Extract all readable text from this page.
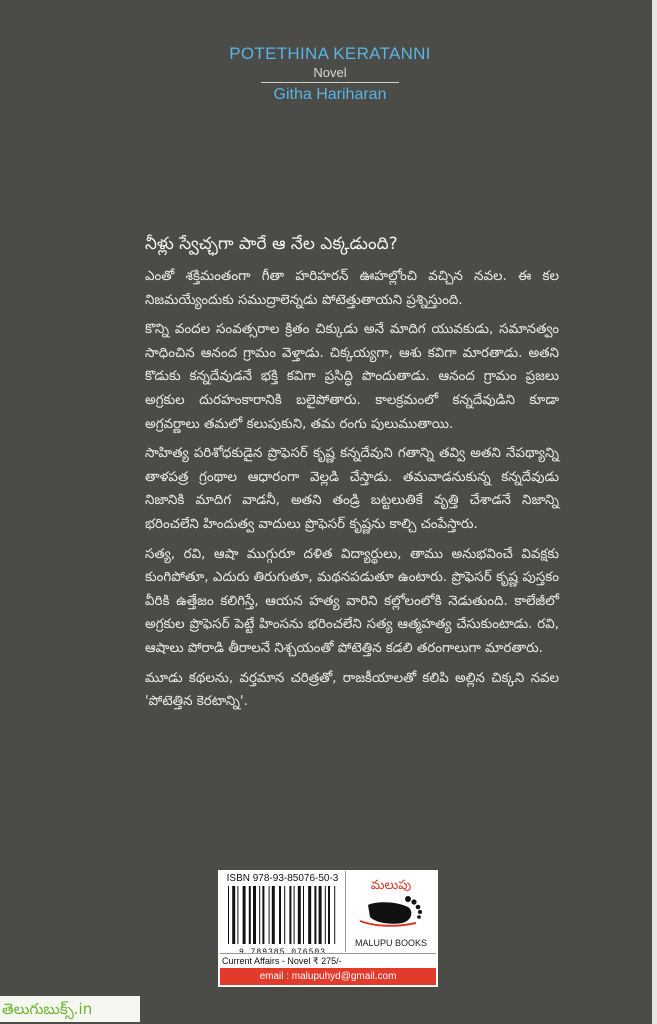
POTETHINA KERATANNI
Novel
Githa Hariharan
నీళ్లు స్వేచ్ఛగా పారే ఆ నేల ఎక్కడుంది?

ఎంతో శక్తిమంతంగా గీతా హరిహరన్ ఊహల్లోంచి వచ్చిన నవల. ఈ కల నిజమయ్యేందుకు సముద్రాలెన్నడు పోటెత్తుతాయని ప్రశ్నిస్తుంది.

కొన్ని వందల సంవత్సరాల క్రితం చిక్కుడు అనే మాదిగ యువకుడు, సమానత్వం సాధించిన ఆనంద గ్రామం వెళ్తాడు. చిక్కయ్యగా, ఆశు కవిగా మారతాడు. అతని కొడుకు కన్నదేవుడనే భక్తి కవిగా ప్రసిద్ధి పొందుతాడు. ఆనంద గ్రామం ప్రజలు అగ్రకుల దురహంకారానికి బలైపోతారు. కాలక్రమంలో కన్నదేవుడిని కూడా అగ్రవర్ణాలు తమలో కలుపుకుని, తమ రంగు పులుముతాయి.

సాహిత్య పరిశోధకుడైన ప్రొఫెసర్ కృష్ణ కన్నదేవుని గతాన్ని తవ్వి అతని నేపథ్యాన్ని తాళపత్ర గ్రంథాల ఆధారంగా వెల్లడి చేస్తాడు. తమవాడనుకున్న కన్నదేవుడు నిజానికి మాదిగ వాడనీ, అతని తండ్రి బట్టలుతికే వృత్తి చేశాడనే నిజాన్ని భరించలేని హిందుత్వ వాదులు ప్రొఫెసర్ కృష్ణను కాల్చి చంపేస్తారు.

సత్య, రవి, ఆషా ముగ్గురూ దళిత విద్యార్థులు, తాము అనుభవించే వివక్షకు కుంగిపోతూ, ఎదురు తిరుగుతూ, మథనపడుతూ ఉంటారు. ప్రొఫెసర్ కృష్ణ పుస్తకం వీరికి ఉత్తేజం కలిగిస్తే, ఆయన హత్య వారిని కల్లోలంలోకి నెడుతుంది. కాలేజీలో అగ్రకుల ప్రొఫెసర్ పెట్టే హింసను భరించలేని సత్య ఆత్మహత్య చేసుకుంటాడు. రవి, ఆషాలు పోరాడి తీరాలనే నిశ్చయంతో పోటెత్తిన కడలి తరంగాలుగా మారతారు.

మూడు కథలను, వర్తమాన చరిత్రతో, రాజకీయాలతో కలిపి అల్లిన చిక్కని నవల 'పోటెత్తిన కెరటాన్ని'.

ISBN 978-93-85076-50-3
9 789385 076503
మలుపు
MALUPU BOOKS
Current Affairs - Novel ₹ 275/-
email : malupuhyd@gmail.com
తెలుగుబుక్స్.in
